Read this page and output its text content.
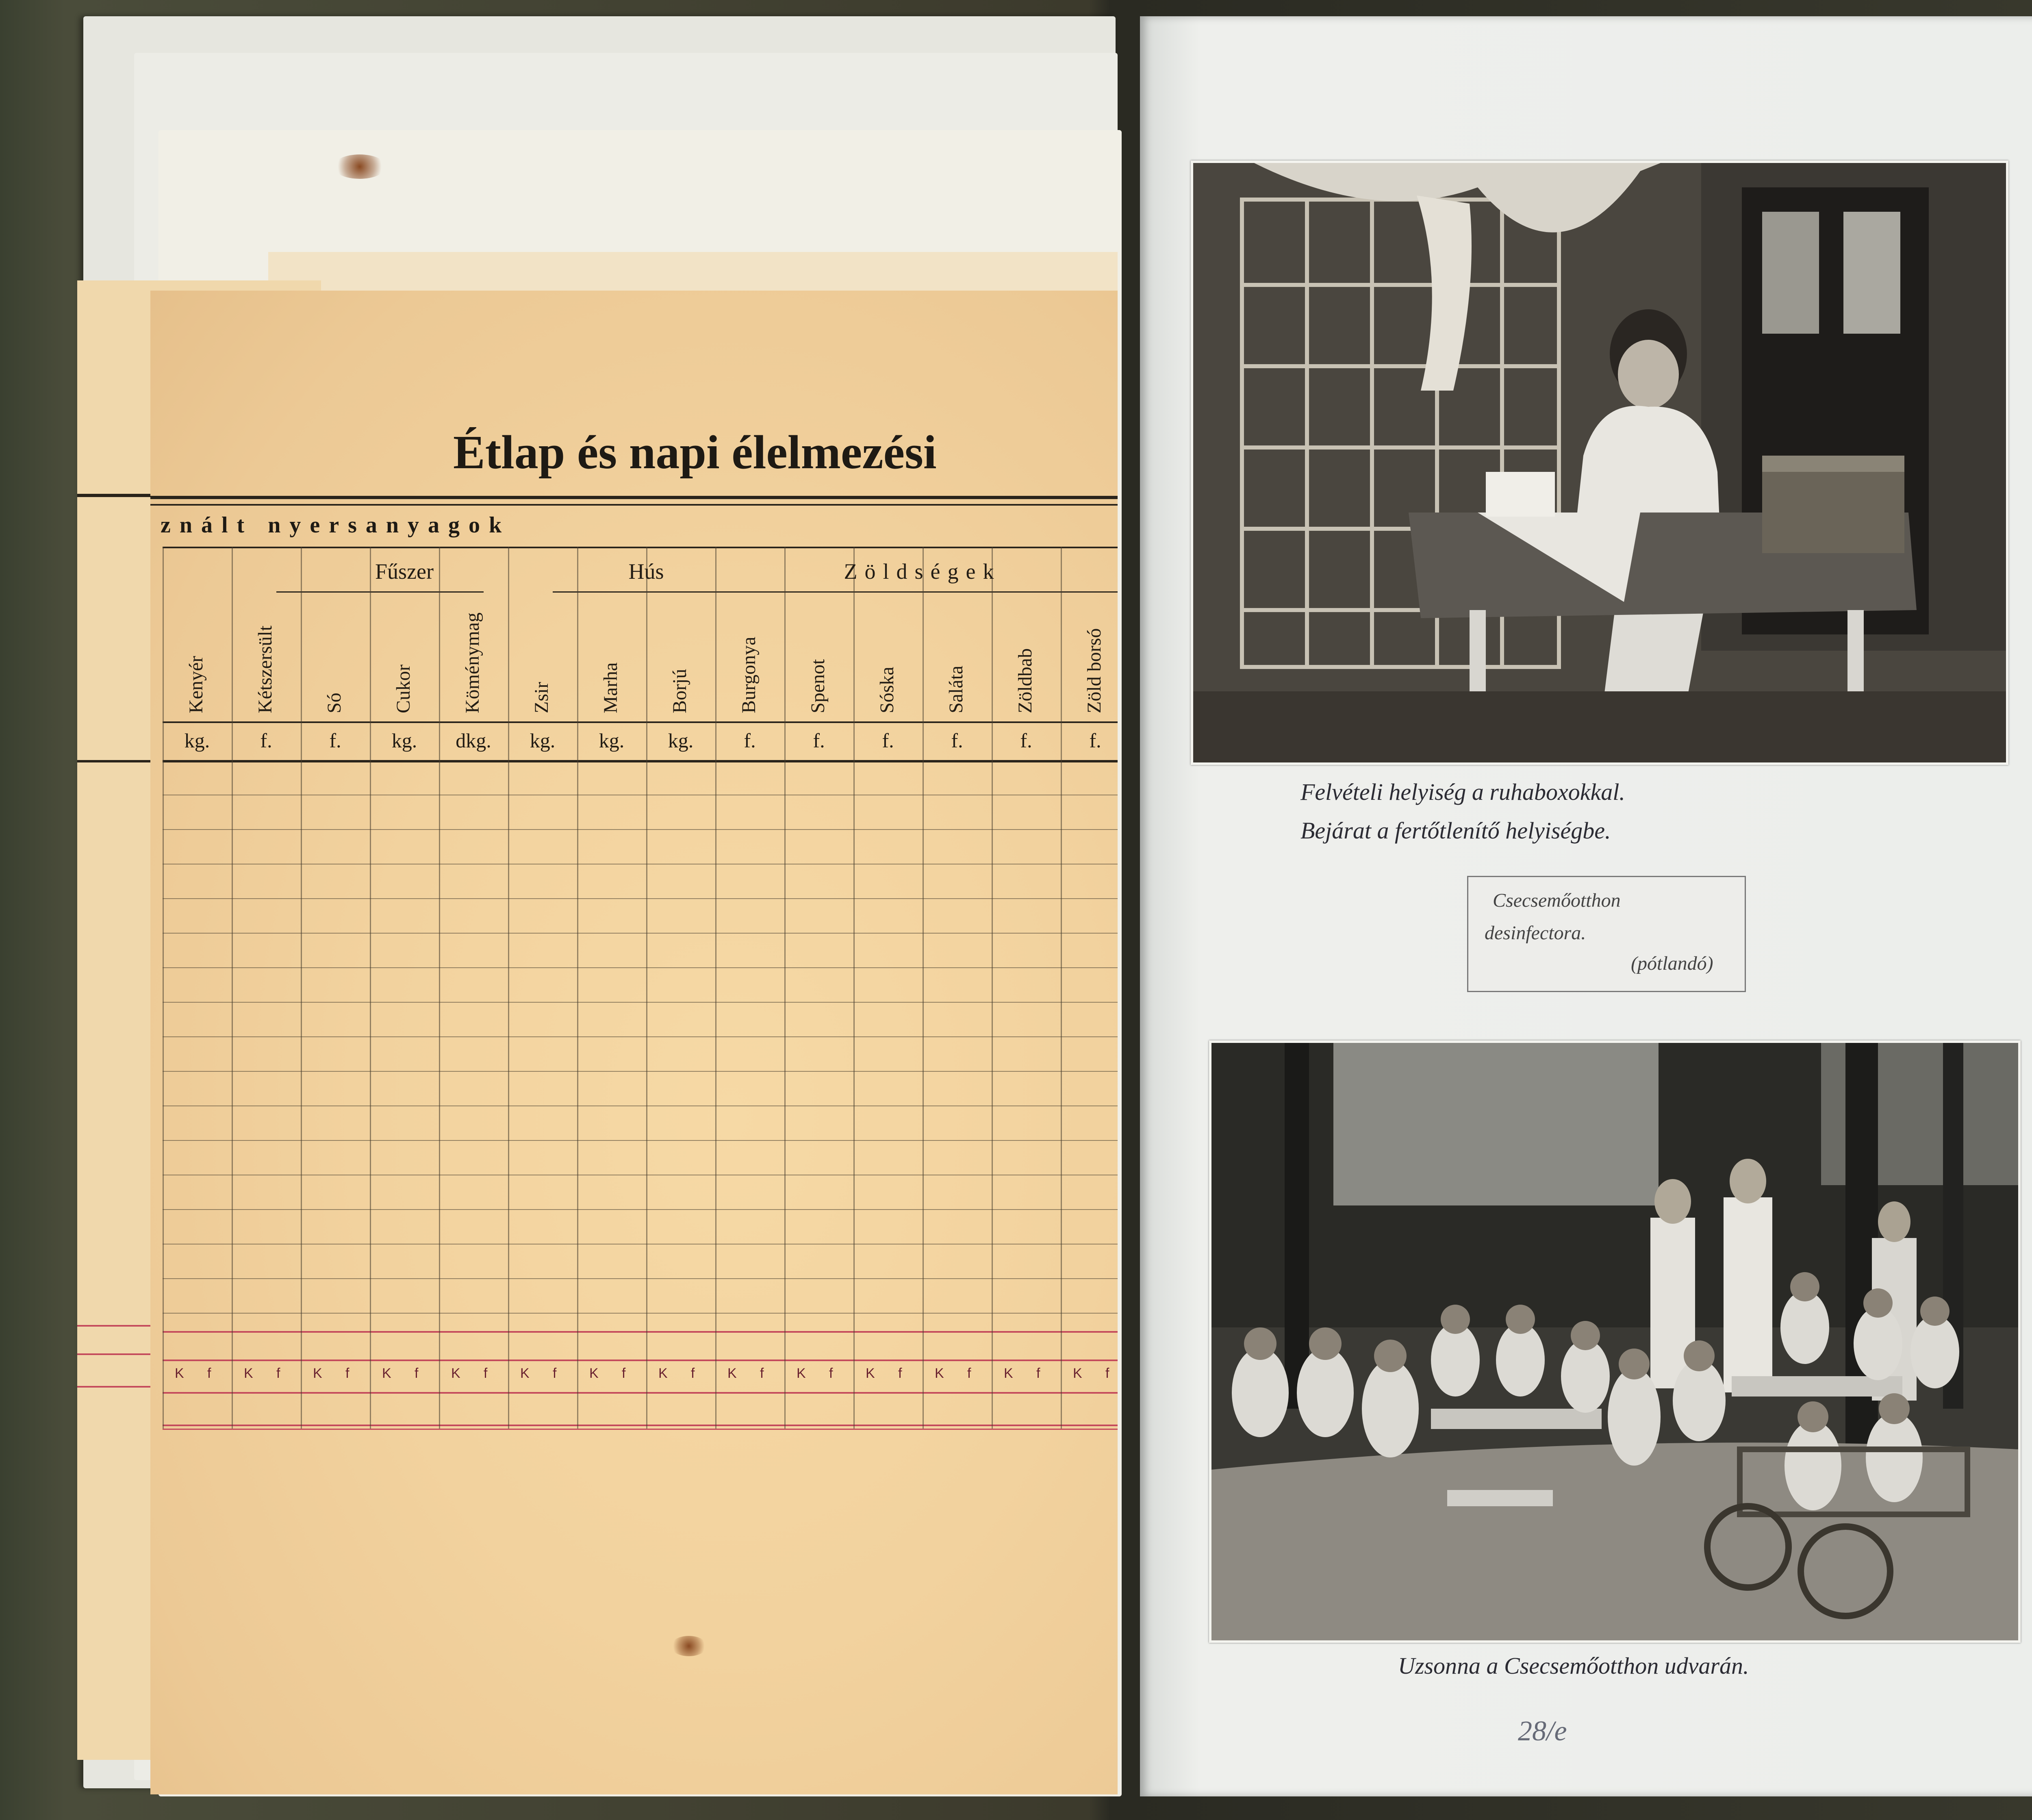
Kenyér
kg.
K f
Kétszersült
f.
K f
Só
f.
K f
Cukor
kg.
K f
Köménymag
dkg.
K f
Zsir
kg.
K f
Marha
kg.
K f
Borjú
kg.
K f
Burgonya
f.
K f
Spenot
f.
K f
Sóska
f.
K f
Saláta
f.
K f
Zöldbab
f.
K f
Zöld borsó
f.
K f
Fűszer	Hús	Zöldségek
Étlap és napi élelmezési
znált nyersanyagok
Felvételi helyiség a ruhaboxokkal.
Bejárat a fertőtlenítő helyiségbe.
Csecsemőotthon
desinfectora.
(pótlandó)
Uzsonna a Csecsemőotthon udvarán.
28/e
